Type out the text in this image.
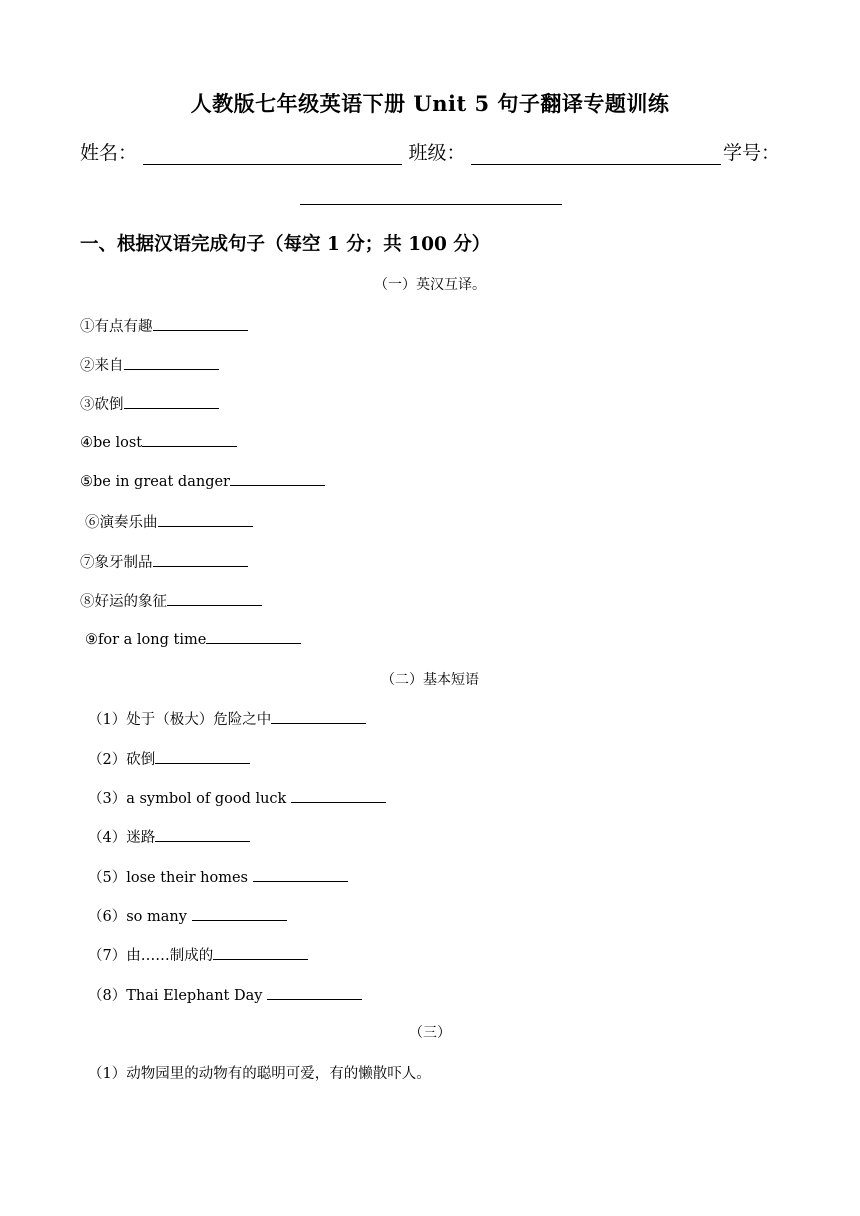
人教版七年级英语下册 Unit 5 句子翻译专题训练
姓名：	班级：	学号：
一、根据汉语完成句子（每空 1 分；共 100 分）
（一）英汉互译。
①有点有趣
②来自
③砍倒
④be lost
⑤be in great danger
⑥演奏乐曲
⑦象牙制品
⑧好运的象征
⑨for a long time
（二）基本短语
（1）处于（极大）危险之中
（2）砍倒
（3）a symbol of good luck
（4）迷路
（5）lose their homes
（6）so many
（7）由……制成的
（8）Thai Elephant Day
（三）
（1）动物园里的动物有的聪明可爱，有的懒散吓人。
